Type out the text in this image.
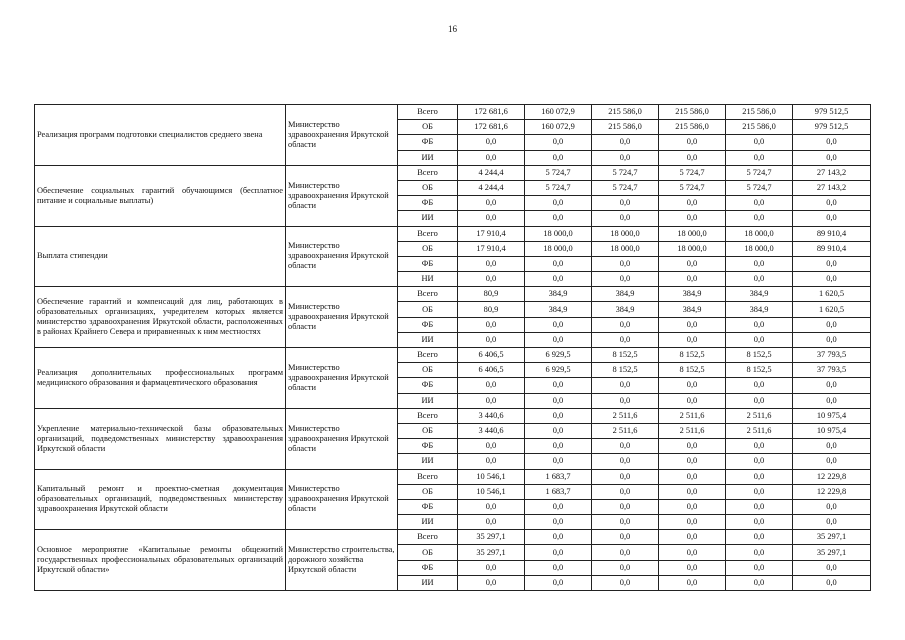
16
Реализация программ подготовки специалистов среднего звена	Министерство здравоохранения Иркутской области	Всего	172 681,6	160 072,9	215 586,0	215 586,0	215 586,0	979 512,5
		ОБ	172 681,6	160 072,9	215 586,0	215 586,0	215 586,0	979 512,5
		ФБ	0,0	0,0	0,0	0,0	0,0	0,0
		ИИ	0,0	0,0	0,0	0,0	0,0	0,0
Обеспечение социальных гарантий обучающимся (бесплатное питание и социальные выплаты)	Министерство здравоохранения Иркутской области	Всего	4 244,4	5 724,7	5 724,7	5 724,7	5 724,7	27 143,2
		ОБ	4 244,4	5 724,7	5 724,7	5 724,7	5 724,7	27 143,2
		ФБ	0,0	0,0	0,0	0,0	0,0	0,0
		ИИ	0,0	0,0	0,0	0,0	0,0	0,0
Выплата стипендии	Министерство здравоохранения Иркутской области	Всего	17 910,4	18 000,0	18 000,0	18 000,0	18 000,0	89 910,4
		ОБ	17 910,4	18 000,0	18 000,0	18 000,0	18 000,0	89 910,4
		ФБ	0,0	0,0	0,0	0,0	0,0	0,0
		НИ	0,0	0,0	0,0	0,0	0,0	0,0
Обеспечение гарантий и компенсаций для лиц, работающих в образовательных организациях, учредителем которых является министерство здравоохранения Иркутской области, расположенных в районах Крайнего Севера и приравненных к ним местностях	Министерство здравоохранения Иркутской области	Всего	80,9	384,9	384,9	384,9	384,9	1 620,5
		ОБ	80,9	384,9	384,9	384,9	384,9	1 620,5
		ФБ	0,0	0,0	0,0	0,0	0,0	0,0
		ИИ	0,0	0,0	0,0	0,0	0,0	0,0
Реализация дополнительных профессиональных программ медицинского образования и фармацевтического образования	Министерство здравоохранения Иркутской области	Всего	6 406,5	6 929,5	8 152,5	8 152,5	8 152,5	37 793,5
		ОБ	6 406,5	6 929,5	8 152,5	8 152,5	8 152,5	37 793,5
		ФБ	0,0	0,0	0,0	0,0	0,0	0,0
		ИИ	0,0	0,0	0,0	0,0	0,0	0,0
Укрепление материально-технической базы образовательных организаций, подведомственных министерству здравоохранения Иркутской области	Министерство здравоохранения Иркутской области	Всего	3 440,6	0,0	2 511,6	2 511,6	2 511,6	10 975,4
		ОБ	3 440,6	0,0	2 511,6	2 511,6	2 511,6	10 975,4
		ФБ	0,0	0,0	0,0	0,0	0,0	0,0
		ИИ	0,0	0,0	0,0	0,0	0,0	0,0
Капитальный ремонт и проектно-сметная документация образовательных организаций, подведомственных министерству здравоохранения Иркутской области	Министерство здравоохранения Иркутской области	Всего	10 546,1	1 683,7	0,0	0,0	0,0	12 229,8
		ОБ	10 546,1	1 683,7	0,0	0,0	0,0	12 229,8
		ФБ	0,0	0,0	0,0	0,0	0,0	0,0
		ИИ	0,0	0,0	0,0	0,0	0,0	0,0
Основное мероприятие «Капитальные ремонты общежитий государственных профессиональных образовательных организаций Иркутской области»	Министерство строительства, дорожного хозяйства Иркутской области	Всего	35 297,1	0,0	0,0	0,0	0,0	35 297,1
		ОБ	35 297,1	0,0	0,0	0,0	0,0	35 297,1
		ФБ	0,0	0,0	0,0	0,0	0,0	0,0
		ИИ	0,0	0,0	0,0	0,0	0,0	0,0
